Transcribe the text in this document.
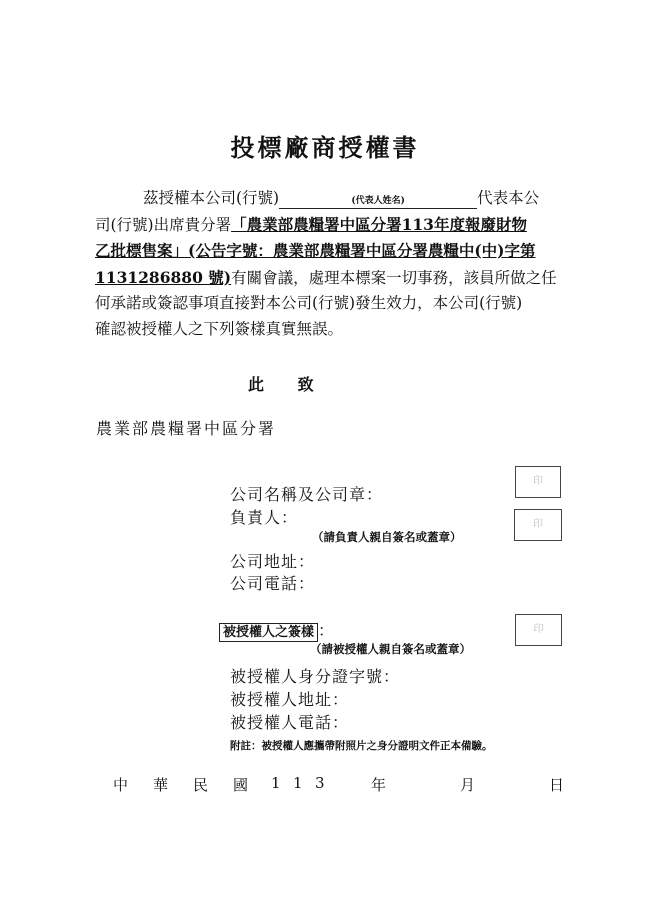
投標廠商授權書
茲授權本公司(行號)	(代表人姓名)	代表本公
司(行號)出席貴分署「農業部農糧署中區分署113年度報廢財物
乙批標售案」(公告字號：農業部農糧署中區分署農糧中(中)字第
1131286880 號)有關會議，處理本標案一切事務，該員所做之任
何承諾或簽認事項直接對本公司(行號)發生效力，本公司(行號)
確認被授權人之下列簽樣真實無誤。
此 致
農業部農糧署中區分署
公司名稱及公司章：
印
負責人：	印
（請負責人親自簽名或蓋章）
公司地址：
公司電話：
被授權人之簽樣 ：	印
（請被授權人親自簽名或蓋章）
被授權人身分證字號：
被授權人地址：
被授權人電話：
附註：被授權人應攜帶附照片之身分證明文件正本備驗。
中 華 民 國 1 1 3	年	月	日
